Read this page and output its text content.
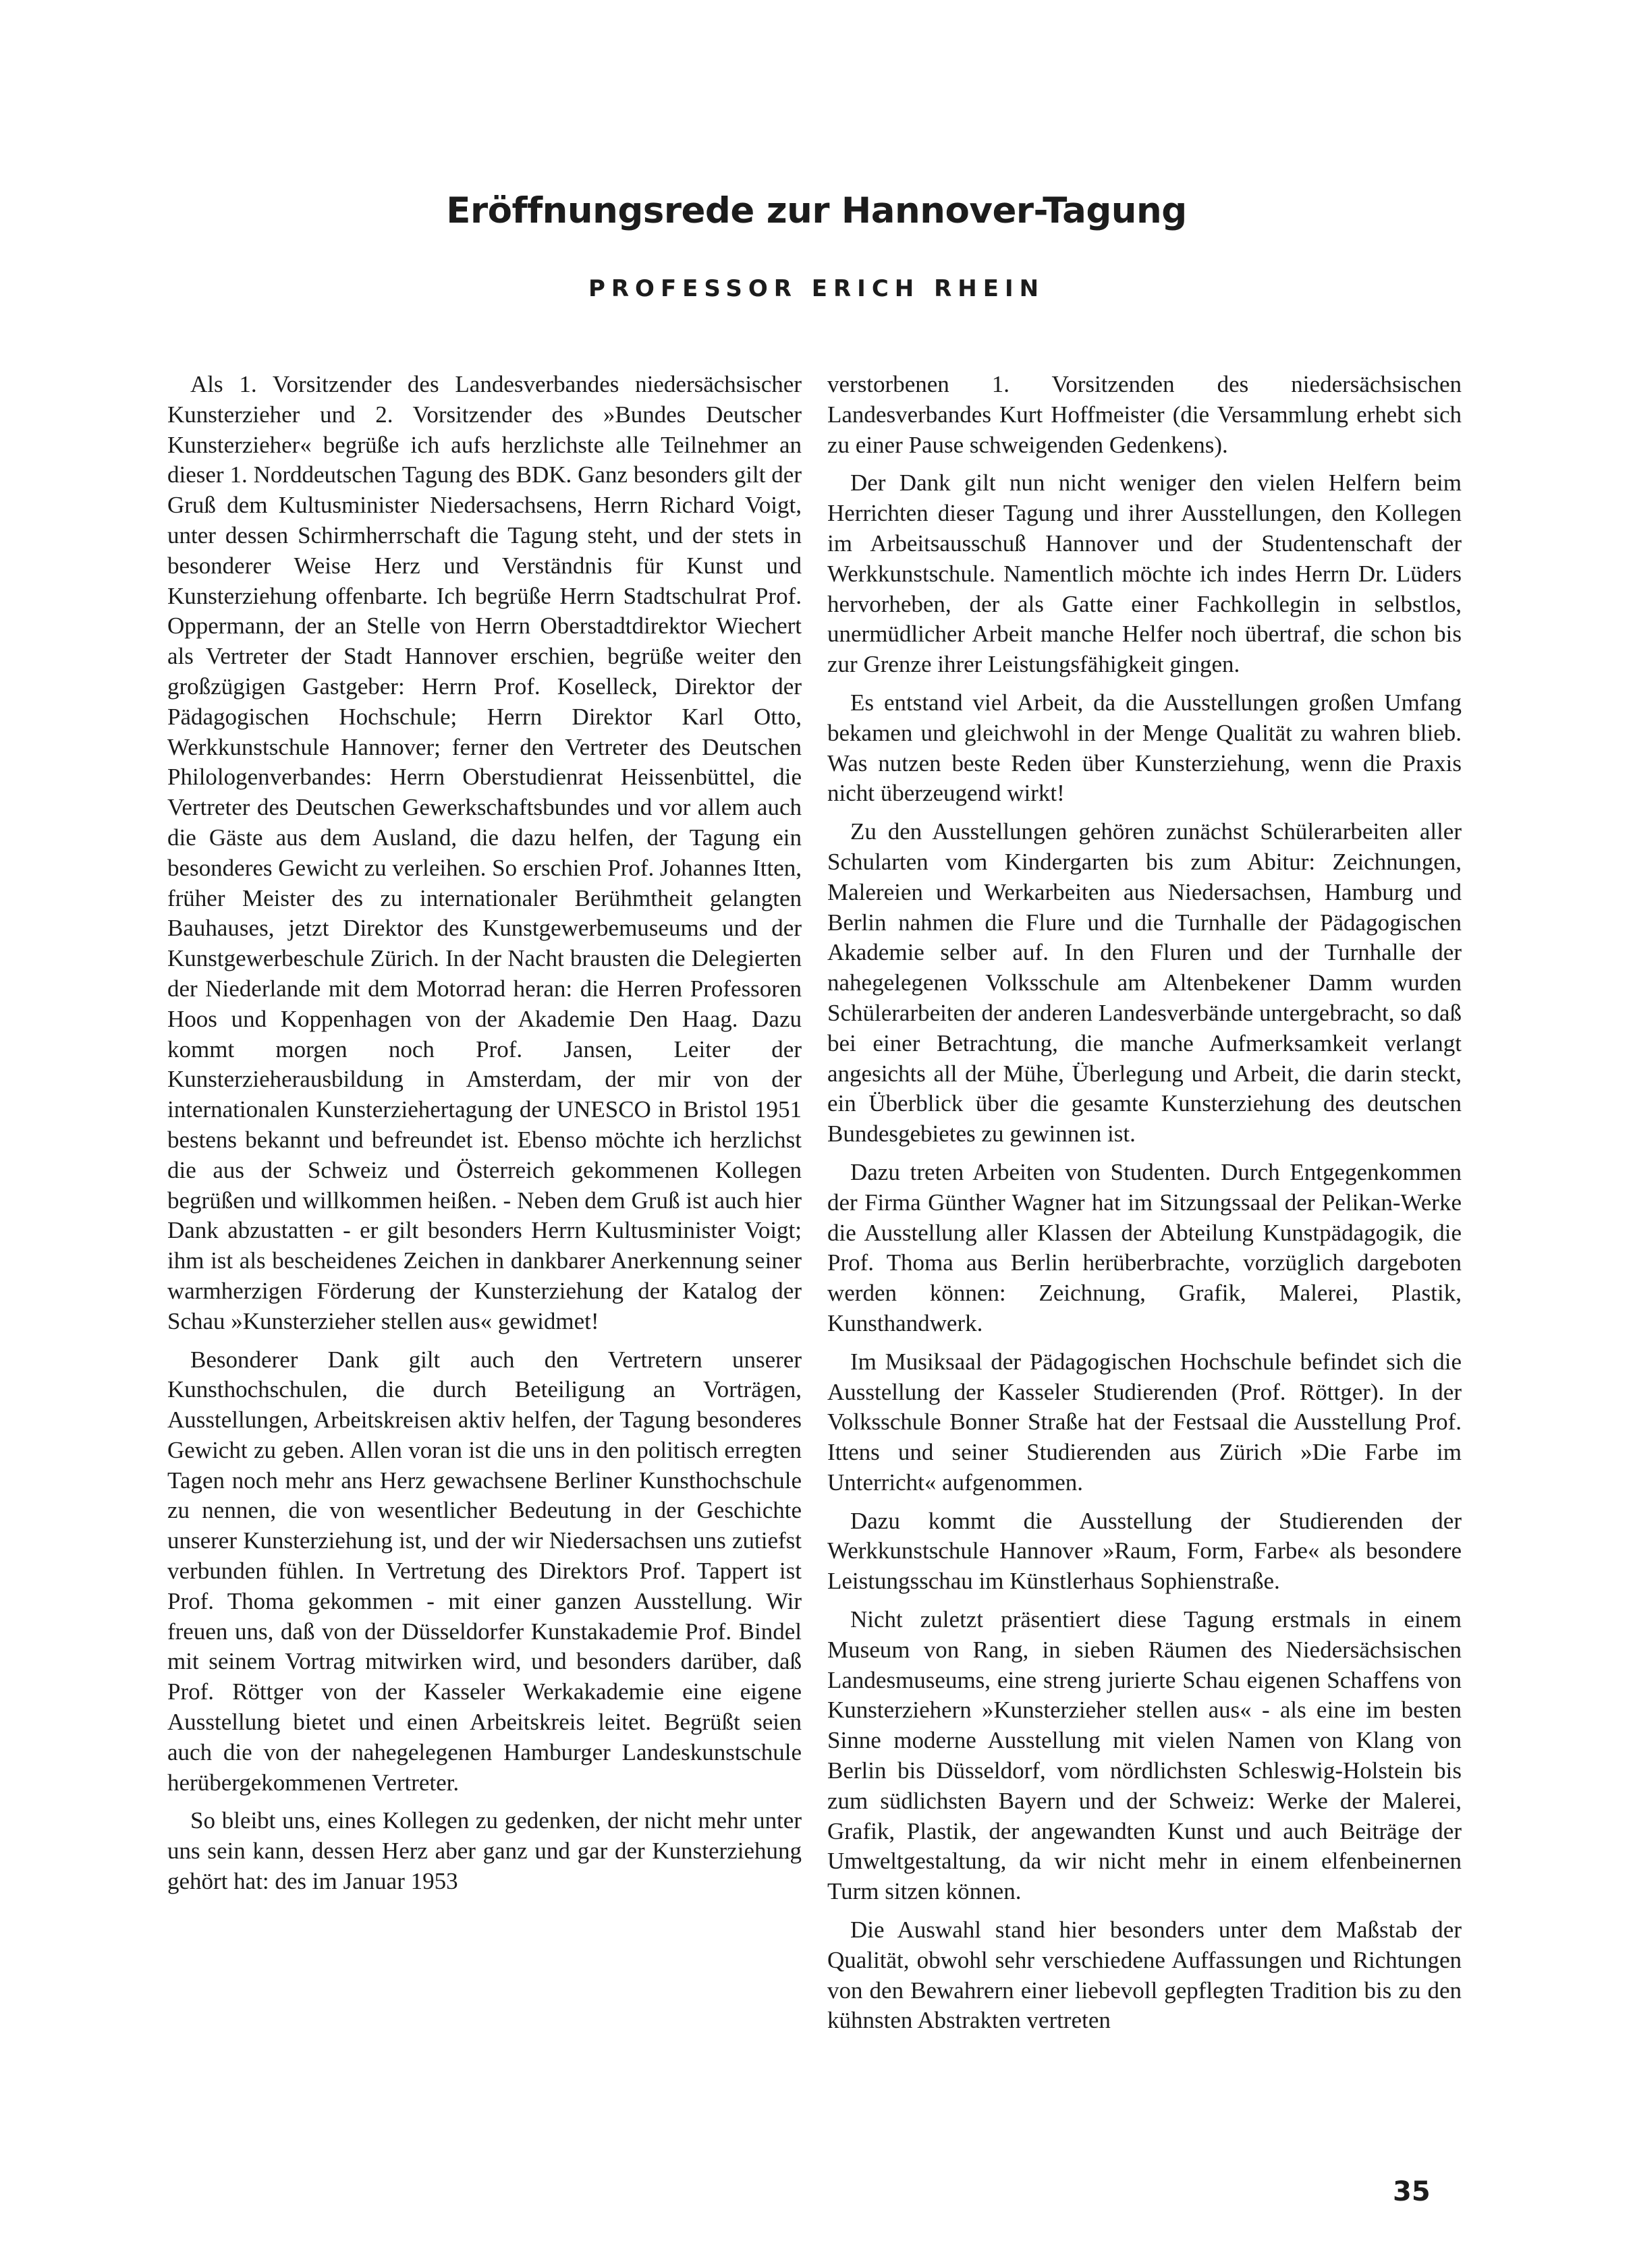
Eröffnungsrede zur Hannover-Tagung
PROFESSOR ERICH RHEIN

Als 1. Vorsitzender des Landesverbandes niedersächsischer Kunsterzieher und 2. Vorsitzender des »Bundes Deutscher Kunsterzieher« begrüße ich aufs herzlichste alle Teilnehmer an dieser 1. Norddeutschen Tagung des BDK. Ganz besonders gilt der Gruß dem Kultusminister Niedersachsens, Herrn Richard Voigt, unter dessen Schirmherrschaft die Tagung steht, und der stets in besonderer Weise Herz und Verständnis für Kunst und Kunsterziehung offenbarte. Ich begrüße Herrn Stadtschulrat Prof. Oppermann, der an Stelle von Herrn Oberstadtdirektor Wiechert als Vertreter der Stadt Hannover erschien, begrüße weiter den großzügigen Gastgeber: Herrn Prof. Koselleck, Direktor der Pädagogischen Hochschule; Herrn Direktor Karl Otto, Werkkunstschule Hannover; ferner den Vertreter des Deutschen Philologenverbandes: Herrn Oberstudienrat Heissenbüttel, die Vertreter des Deutschen Gewerkschaftsbundes und vor allem auch die Gäste aus dem Ausland, die dazu helfen, der Tagung ein besonderes Gewicht zu verleihen. So erschien Prof. Johannes Itten, früher Meister des zu internationaler Berühmtheit gelangten Bauhauses, jetzt Direktor des Kunstgewerbemuseums und der Kunstgewerbeschule Zürich. In der Nacht brausten die Delegierten der Niederlande mit dem Motorrad heran: die Herren Professoren Hoos und Koppenhagen von der Akademie Den Haag. Dazu kommt morgen noch Prof. Jansen, Leiter der Kunsterzieherausbildung in Amsterdam, der mir von der internationalen Kunsterziehertagung der UNESCO in Bristol 1951 bestens bekannt und befreundet ist. Ebenso möchte ich herzlichst die aus der Schweiz und Österreich gekommenen Kollegen begrüßen und willkommen heißen. - Neben dem Gruß ist auch hier Dank abzustatten - er gilt besonders Herrn Kultusminister Voigt; ihm ist als bescheidenes Zeichen in dankbarer Anerkennung seiner warmherzigen Förderung der Kunsterziehung der Katalog der Schau »Kunsterzieher stellen aus« gewidmet!

Besonderer Dank gilt auch den Vertretern unserer Kunsthochschulen, die durch Beteiligung an Vorträgen, Ausstellungen, Arbeitskreisen aktiv helfen, der Tagung besonderes Gewicht zu geben. Allen voran ist die uns in den politisch erregten Tagen noch mehr ans Herz gewachsene Berliner Kunsthochschule zu nennen, die von wesentlicher Bedeutung in der Geschichte unserer Kunsterziehung ist, und der wir Niedersachsen uns zutiefst verbunden fühlen. In Vertretung des Direktors Prof. Tappert ist Prof. Thoma gekommen - mit einer ganzen Ausstellung. Wir freuen uns, daß von der Düsseldorfer Kunstakademie Prof. Bindel mit seinem Vortrag mitwirken wird, und besonders darüber, daß Prof. Röttger von der Kasseler Werkakademie eine eigene Ausstellung bietet und einen Arbeitskreis leitet. Begrüßt seien auch die von der nahegelegenen Hamburger Landeskunstschule herübergekommenen Vertreter.

So bleibt uns, eines Kollegen zu gedenken, der nicht mehr unter uns sein kann, dessen Herz aber ganz und gar der Kunsterziehung gehört hat: des im Januar 1953

verstorbenen 1. Vorsitzenden des niedersächsischen Landesverbandes Kurt Hoffmeister (die Versammlung erhebt sich zu einer Pause schweigenden Gedenkens).

Der Dank gilt nun nicht weniger den vielen Helfern beim Herrichten dieser Tagung und ihrer Ausstellungen, den Kollegen im Arbeitsausschuß Hannover und der Studentenschaft der Werkkunstschule. Namentlich möchte ich indes Herrn Dr. Lüders hervorheben, der als Gatte einer Fachkollegin in selbstlos, unermüdlicher Arbeit manche Helfer noch übertraf, die schon bis zur Grenze ihrer Leistungsfähigkeit gingen.

Es entstand viel Arbeit, da die Ausstellungen großen Umfang bekamen und gleichwohl in der Menge Qualität zu wahren blieb. Was nutzen beste Reden über Kunsterziehung, wenn die Praxis nicht überzeugend wirkt!

Zu den Ausstellungen gehören zunächst Schülerarbeiten aller Schularten vom Kindergarten bis zum Abitur: Zeichnungen, Malereien und Werkarbeiten aus Niedersachsen, Hamburg und Berlin nahmen die Flure und die Turnhalle der Pädagogischen Akademie selber auf. In den Fluren und der Turnhalle der nahegelegenen Volksschule am Altenbekener Damm wurden Schülerarbeiten der anderen Landesverbände untergebracht, so daß bei einer Betrachtung, die manche Aufmerksamkeit verlangt angesichts all der Mühe, Überlegung und Arbeit, die darin steckt, ein Überblick über die gesamte Kunsterziehung des deutschen Bundesgebietes zu gewinnen ist.

Dazu treten Arbeiten von Studenten. Durch Entgegenkommen der Firma Günther Wagner hat im Sitzungssaal der Pelikan-Werke die Ausstellung aller Klassen der Abteilung Kunstpädagogik, die Prof. Thoma aus Berlin herüberbrachte, vorzüglich dargeboten werden können: Zeichnung, Grafik, Malerei, Plastik, Kunsthandwerk.

Im Musiksaal der Pädagogischen Hochschule befindet sich die Ausstellung der Kasseler Studierenden (Prof. Röttger). In der Volksschule Bonner Straße hat der Festsaal die Ausstellung Prof. Ittens und seiner Studierenden aus Zürich »Die Farbe im Unterricht« aufgenommen.

Dazu kommt die Ausstellung der Studierenden der Werkkunstschule Hannover »Raum, Form, Farbe« als besondere Leistungsschau im Künstlerhaus Sophienstraße.

Nicht zuletzt präsentiert diese Tagung erstmals in einem Museum von Rang, in sieben Räumen des Niedersächsischen Landesmuseums, eine streng jurierte Schau eigenen Schaffens von Kunsterziehern »Kunsterzieher stellen aus« - als eine im besten Sinne moderne Ausstellung mit vielen Namen von Klang von Berlin bis Düsseldorf, vom nördlichsten Schleswig-Holstein bis zum südlichsten Bayern und der Schweiz: Werke der Malerei, Grafik, Plastik, der angewandten Kunst und auch Beiträge der Umweltgestaltung, da wir nicht mehr in einem elfenbeinernen Turm sitzen können.

Die Auswahl stand hier besonders unter dem Maßstab der Qualität, obwohl sehr verschiedene Auffassungen und Richtungen von den Bewahrern einer liebevoll gepflegten Tradition bis zu den kühnsten Abstrakten vertreten

35
